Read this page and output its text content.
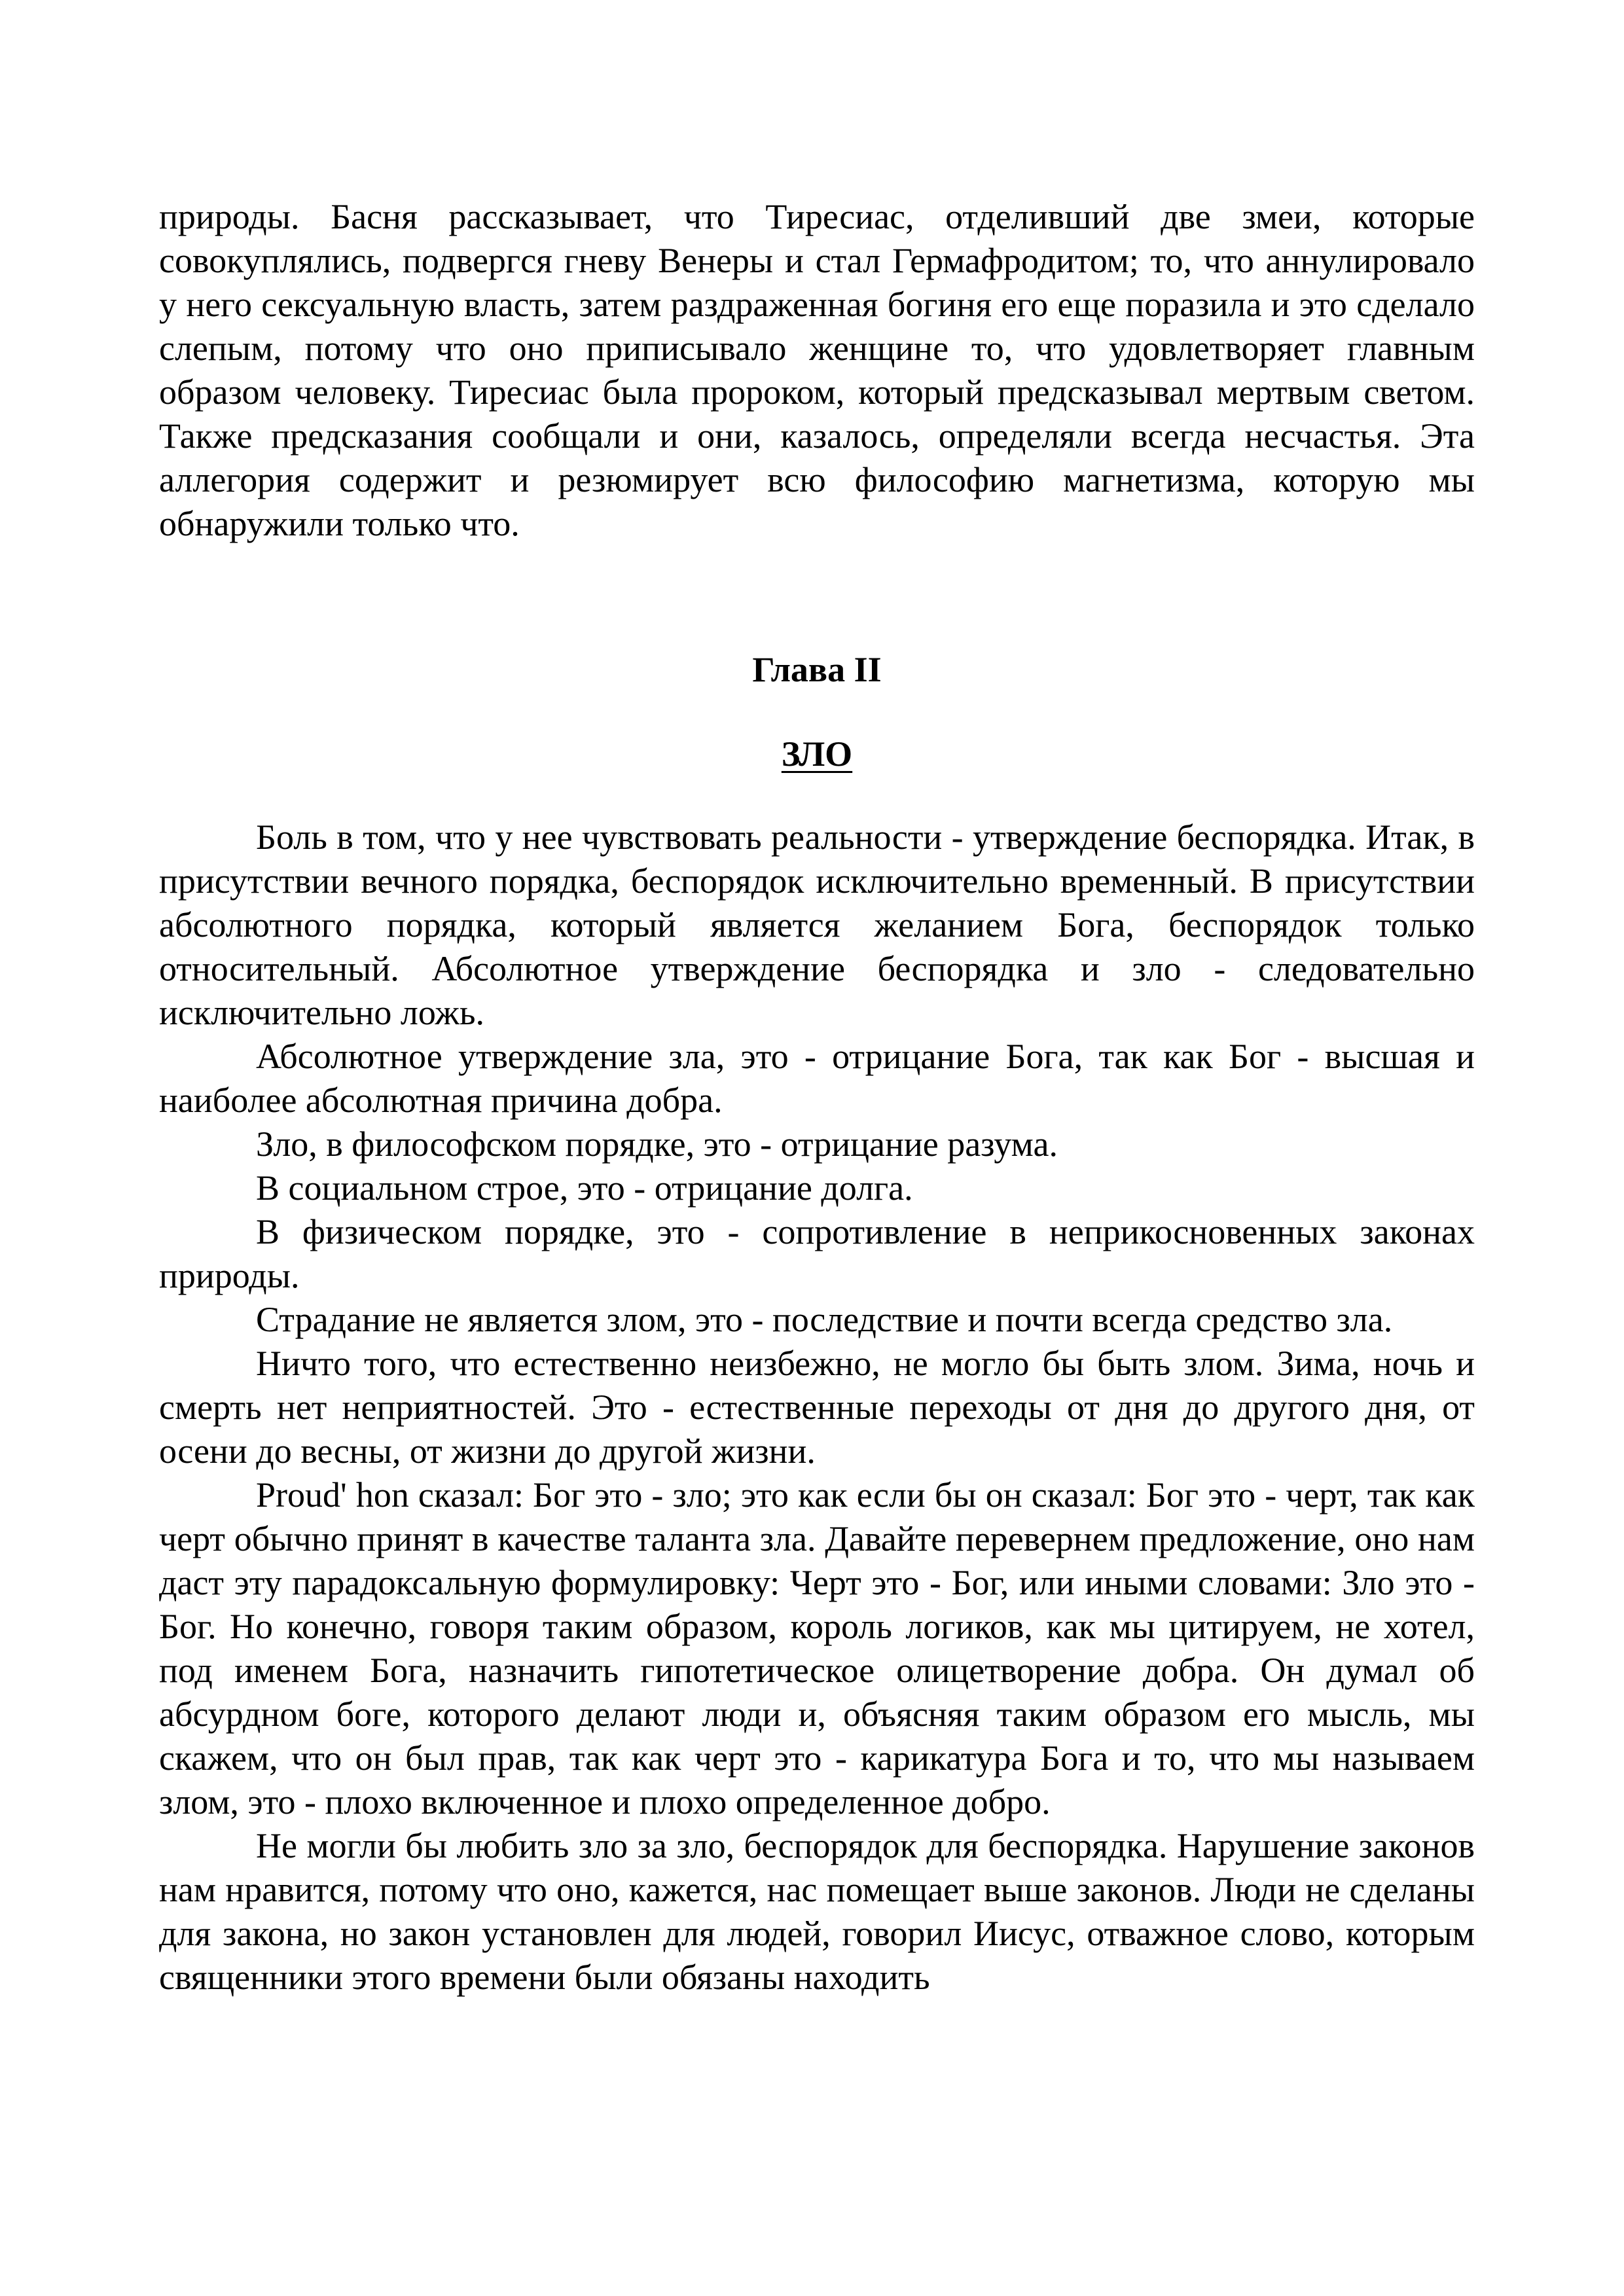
природы. Басня рассказывает, что Тиресиас, отделивший две змеи, которые совокуплялись, подвергся гневу Венеры и стал Гермафродитом; то, что аннулировало у него сексуальную власть, затем раздраженная богиня его еще поразила и это сделало слепым, потому что оно приписывало женщине то, что удовлетворяет главным образом человеку. Тиресиас была пророком, который предсказывал мертвым светом. Также предсказания сообщали и они, казалось, определяли всегда несчастья. Эта аллегория содержит и резюмирует всю философию магнетизма, которую мы обнаружили только что.

Глава II
ЗЛО

Боль в том, что у нее чувствовать реальности - утверждение беспорядка. Итак, в присутствии вечного порядка, беспорядок исключительно временный. В присутствии абсолютного порядка, который является желанием Бога, беспорядок только относительный. Абсолютное утверждение беспорядка и зло - следовательно исключительно ложь.

Абсолютное утверждение зла, это - отрицание Бога, так как Бог - высшая и наиболее абсолютная причина добра.

Зло, в философском порядке, это - отрицание разума.

В социальном строе, это - отрицание долга.

В физическом порядке, это - сопротивление в неприкосновенных законах природы.

Страдание не является злом, это - последствие и почти всегда средство зла.

Ничто того, что естественно неизбежно, не могло бы быть злом. Зима, ночь и смерть нет неприятностей. Это - естественные переходы от дня до другого дня, от осени до весны, от жизни до другой жизни.

Proud' hon сказал: Бог это - зло; это как если бы он сказал: Бог это - черт, так как черт обычно принят в качестве таланта зла. Давайте перевернем предложение, оно нам даст эту парадоксальную формулировку: Черт это - Бог, или иными словами: Зло это - Бог. Но конечно, говоря таким образом, король логиков, как мы цитируем, не хотел, под именем Бога, назначить гипотетическое олицетворение добра. Он думал об абсурдном боге, которого делают люди и, объясняя таким образом его мысль, мы скажем, что он был прав, так как черт это - карикатура Бога и то, что мы называем злом, это - плохо включенное и плохо определенное добро.

Не могли бы любить зло за зло, беспорядок для беспорядка. Нарушение законов нам нравится, потому что оно, кажется, нас помещает выше законов. Люди не сделаны для закона, но закон установлен для людей, говорил Иисус, отважное слово, которым священники этого времени были обязаны находить
